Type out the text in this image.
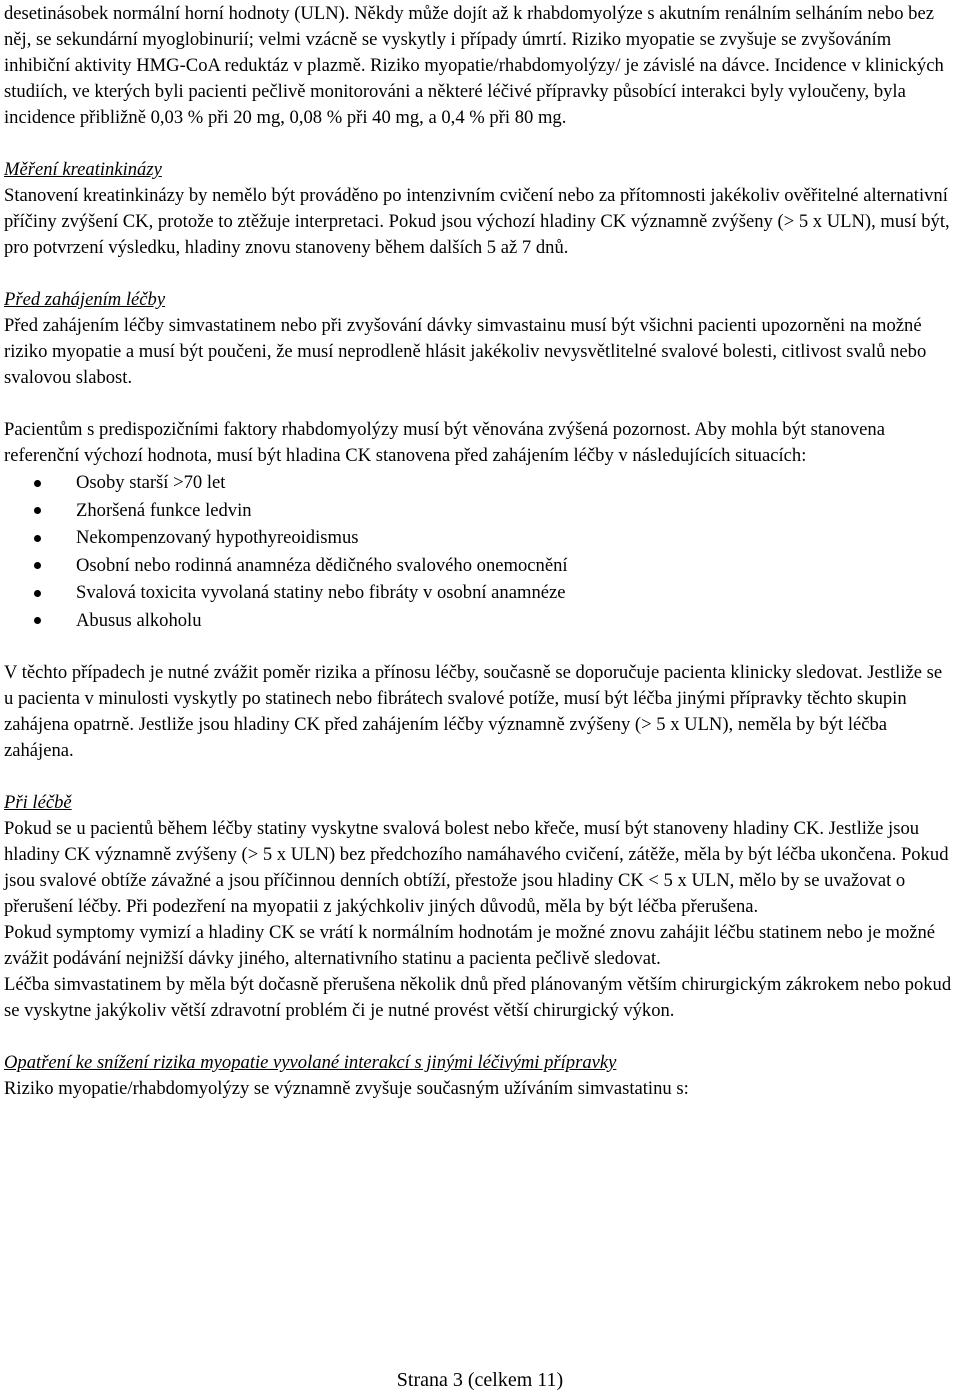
desetinásobek normální horní hodnoty (ULN). Někdy může dojít až k rhabdomyolýze s akutním renálním selháním nebo bez něj, se sekundární myoglobinurií; velmi vzácně se vyskytly i případy úmrtí. Riziko myopatie se zvyšuje se zvyšováním inhibiční aktivity HMG-CoA reduktáz v plazmě. Riziko myopatie/rhabdomyolýzy/ je závislé na dávce. Incidence v klinických studiích, ve kterých byli pacienti pečlivě monitorováni a některé léčivé přípravky působící interakci byly vyloučeny, byla incidence přibližně 0,03 % při 20 mg, 0,08 % při 40 mg, a 0,4 % při 80 mg.

Měření kreatinkinázy

Stanovení kreatinkinázy by nemělo být prováděno po intenzivním cvičení nebo za přítomnosti jakékoliv ověřitelné alternativní příčiny zvýšení CK, protože to ztěžuje interpretaci. Pokud jsou výchozí hladiny CK významně zvýšeny (> 5 x ULN), musí být, pro potvrzení výsledku, hladiny znovu stanoveny během dalších 5 až 7 dnů.

Před zahájením léčby

Před zahájením léčby simvastatinem nebo při zvyšování dávky simvastainu musí být všichni pacienti upozorněni na možné riziko myopatie a musí být poučeni, že musí neprodleně hlásit jakékoliv nevysvětlitelné svalové bolesti, citlivost svalů nebo svalovou slabost.

Pacientům s predispozičními faktory rhabdomyolýzy musí být věnována zvýšená pozornost. Aby mohla být stanovena referenční výchozí hodnota, musí být hladina CK stanovena před zahájením léčby v následujících situacích:

Osoby starší >70 let
Zhoršená funkce ledvin
Nekompenzovaný hypothyreoidismus
Osobní nebo rodinná anamnéza dědičného svalového onemocnění
Svalová toxicita vyvolaná statiny nebo fibráty v osobní anamnéze
Abusus alkoholu

V těchto případech je nutné zvážit poměr rizika a přínosu léčby, současně se doporučuje pacienta klinicky sledovat. Jestliže se u pacienta v minulosti vyskytly po statinech nebo fibrátech svalové potíže, musí být léčba jinými přípravky těchto skupin zahájena opatrně. Jestliže jsou hladiny CK před zahájením léčby významně zvýšeny (> 5 x ULN), neměla by být léčba zahájena.

Při léčbě

Pokud se u pacientů během léčby statiny vyskytne svalová bolest nebo křeče, musí být stanoveny hladiny CK. Jestliže jsou hladiny CK významně zvýšeny (> 5 x ULN) bez předchozího namáhavého cvičení, zátěže, měla by být léčba ukončena. Pokud jsou svalové obtíže závažné a jsou příčinnou denních obtíží, přestože jsou hladiny CK < 5 x ULN, mělo by se uvažovat o přerušení léčby. Při podezření na myopatii z jakýchkoliv jiných důvodů, měla by být léčba přerušena.

Pokud symptomy vymizí a hladiny CK se vrátí k normálním hodnotám je možné znovu zahájit léčbu statinem nebo je možné zvážit podávání nejnižší dávky jiného, alternativního statinu a pacienta pečlivě sledovat.

Léčba simvastatinem by měla být dočasně přerušena několik dnů před plánovaným větším chirurgickým zákrokem nebo pokud se vyskytne jakýkoliv větší zdravotní problém či je nutné provést větší chirurgický výkon.

Opatření ke snížení rizika myopatie vyvolané interakcí s jinými léčivými přípravky

Riziko myopatie/rhabdomyolýzy se významně zvyšuje současným užíváním simvastatinu s:

Strana 3 (celkem 11)
